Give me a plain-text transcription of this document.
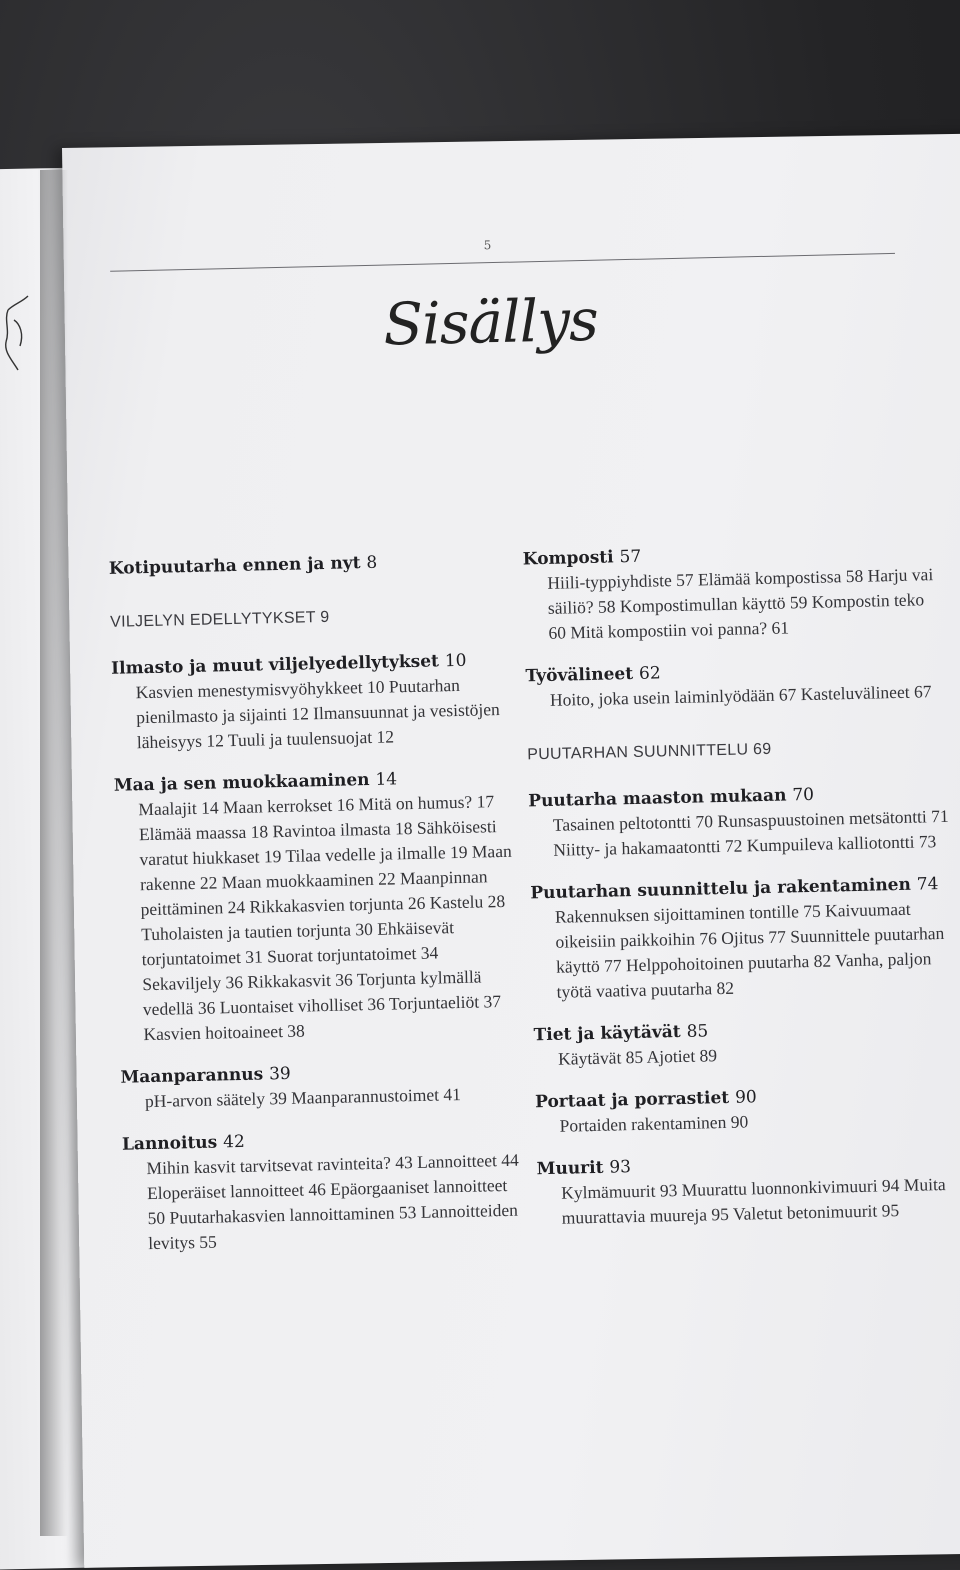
5
Sisällys
Kotipuutarha ennen ja nyt 8
VILJELYN EDELLYTYKSET 9
Ilmasto ja muut viljelyedellytykset 10
Kasvien menestymisvyöhykkeet 10 Puutarhan pienilmasto ja sijainti 12 Ilmansuunnat ja vesistöjen läheisyys 12 Tuuli ja tuulensuojat 12
Maa ja sen muokkaaminen 14
Maalajit 14 Maan kerrokset 16 Mitä on humus? 17 Elämää maassa 18 Ravintoa ilmasta 18 Sähköisesti varatut hiukkaset 19 Tilaa vedelle ja ilmalle 19 Maan rakenne 22 Maan muokkaaminen 22 Maanpinnan peittäminen 24 Rikkakasvien torjunta 26 Kastelu 28 Tuholaisten ja tautien torjunta 30 Ehkäisevät torjuntatoimet 31 Suorat torjuntatoimet 34 Sekaviljely 36 Rikkakasvit 36 Torjunta kylmällä vedellä 36 Luontaiset viholliset 36 Torjuntaeliöt 37 Kasvien hoitoaineet 38
Maanparannus 39
pH-arvon säätely 39 Maanparannustoimet 41
Lannoitus 42
Mihin kasvit tarvitsevat ravinteita? 43 Lannoitteet 44 Eloperäiset lannoitteet 46 Epäorgaaniset lannoitteet 50 Puutarhakasvien lannoittaminen 53 Lannoitteiden levitys 55
Komposti 57
Hiili-typpiyhdiste 57 Elämää kompostissa 58 Harju vai säiliö? 58 Kompostimullan käyttö 59 Kompostin teko 60 Mitä kompostiin voi panna? 61
Työvälineet 62
Hoito, joka usein laiminlyödään 67 Kasteluvälineet 67
PUUTARHAN SUUNNITTELU 69
Puutarha maaston mukaan 70
Tasainen peltotontti 70 Runsaspuustoinen metsätontti 71 Niitty- ja hakamaatontti 72 Kumpuileva kalliotontti 73
Puutarhan suunnittelu ja rakentaminen 74
Rakennuksen sijoittaminen tontille 75 Kaivuumaat oikeisiin paikkoihin 76 Ojitus 77 Suunnittele puutarhan käyttö 77 Helppohoitoinen puutarha 82 Vanha, paljon työtä vaativa puutarha 82
Tiet ja käytävät 85
Käytävät 85 Ajotiet 89
Portaat ja porrastiet 90
Portaiden rakentaminen 90
Muurit 93
Kylmämuurit 93 Muurattu luonnonkivimuuri 94 Muita muurattavia muureja 95 Valetut betonimuurit 95
